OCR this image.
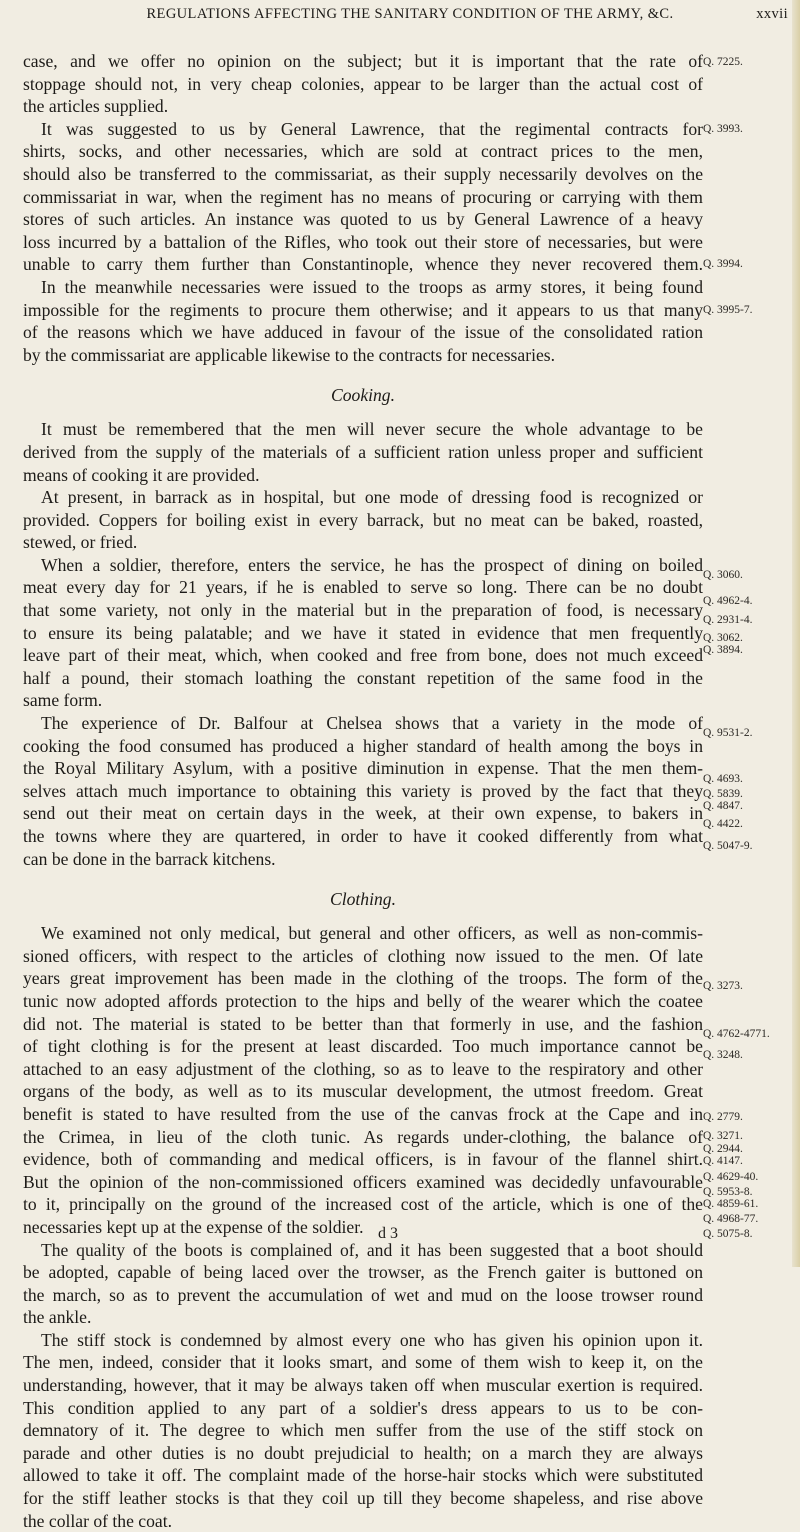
REGULATIONS AFFECTING THE SANITARY CONDITION OF THE ARMY, &C.	xxvii
case, and we offer no opinion on the subject; but it is important that the rate of
stoppage should not, in very cheap colonies, appear to be larger than the actual cost of
the articles supplied.
It was suggested to us by General Lawrence, that the regimental contracts for
shirts, socks, and other necessaries, which are sold at contract prices to the men,
should also be transferred to the commissariat, as their supply necessarily devolves on the
commissariat in war, when the regiment has no means of procuring or carrying with them
stores of such articles. An instance was quoted to us by General Lawrence of a heavy
loss incurred by a battalion of the Rifles, who took out their store of necessaries, but were
unable to carry them further than Constantinople, whence they never recovered them.
In the meanwhile necessaries were issued to the troops as army stores, it being found
impossible for the regiments to procure them otherwise; and it appears to us that many
of the reasons which we have adduced in favour of the issue of the consolidated ration
by the commissariat are applicable likewise to the contracts for necessaries.
Cooking.
It must be remembered that the men will never secure the whole advantage to be
derived from the supply of the materials of a sufficient ration unless proper and sufficient
means of cooking it are provided.
At present, in barrack as in hospital, but one mode of dressing food is recognized or
provided. Coppers for boiling exist in every barrack, but no meat can be baked, roasted,
stewed, or fried.
When a soldier, therefore, enters the service, he has the prospect of dining on boiled
meat every day for 21 years, if he is enabled to serve so long. There can be no doubt
that some variety, not only in the material but in the preparation of food, is necessary
to ensure its being palatable; and we have it stated in evidence that men frequently
leave part of their meat, which, when cooked and free from bone, does not much exceed
half a pound, their stomach loathing the constant repetition of the same food in the
same form.
The experience of Dr. Balfour at Chelsea shows that a variety in the mode of
cooking the food consumed has produced a higher standard of health among the boys in
the Royal Military Asylum, with a positive diminution in expense. That the men them-
selves attach much importance to obtaining this variety is proved by the fact that they
send out their meat on certain days in the week, at their own expense, to bakers in
the towns where they are quartered, in order to have it cooked differently from what
can be done in the barrack kitchens.
Clothing.
We examined not only medical, but general and other officers, as well as non-commis-
sioned officers, with respect to the articles of clothing now issued to the men. Of late
years great improvement has been made in the clothing of the troops. The form of the
tunic now adopted affords protection to the hips and belly of the wearer which the coatee
did not. The material is stated to be better than that formerly in use, and the fashion
of tight clothing is for the present at least discarded. Too much importance cannot be
attached to an easy adjustment of the clothing, so as to leave to the respiratory and other
organs of the body, as well as to its muscular development, the utmost freedom. Great
benefit is stated to have resulted from the use of the canvas frock at the Cape and in
the Crimea, in lieu of the cloth tunic. As regards under-clothing, the balance of
evidence, both of commanding and medical officers, is in favour of the flannel shirt.
But the opinion of the non-commissioned officers examined was decidedly unfavourable
to it, principally on the ground of the increased cost of the article, which is one of the
necessaries kept up at the expense of the soldier.
The quality of the boots is complained of, and it has been suggested that a boot should
be adopted, capable of being laced over the trowser, as the French gaiter is buttoned on
the march, so as to prevent the accumulation of wet and mud on the loose trowser round
the ankle.
The stiff stock is condemned by almost every one who has given his opinion upon it.
The men, indeed, consider that it looks smart, and some of them wish to keep it, on the
understanding, however, that it may be always taken off when muscular exertion is required.
This condition applied to any part of a soldier's dress appears to us to be con-
demnatory of it. The degree to which men suffer from the use of the stiff stock on
parade and other duties is no doubt prejudicial to health; on a march they are always
allowed to take it off. The complaint made of the horse-hair stocks which were substituted
for the stiff leather stocks is that they coil up till they become shapeless, and rise above
the collar of the coat.
Q. 7225.
Q. 3993.
Q. 3994.
Q. 3995-7.
Q. 3060.
Q. 4962-4.
Q. 2931-4.
Q. 3062.
Q. 3894.
Q. 9531-2.
Q. 4693.
Q. 5839.
Q. 4847.
Q. 4422.
Q. 5047-9.
Q. 3273.
Q. 4762-4771.
Q. 3248.
Q. 2779.
Q. 3271.
Q. 2944.
Q. 4147.
Q. 4629-40.
Q. 5953-8.
Q. 4859-61.
Q. 4968-77.
Q. 5075-8.
d 3
